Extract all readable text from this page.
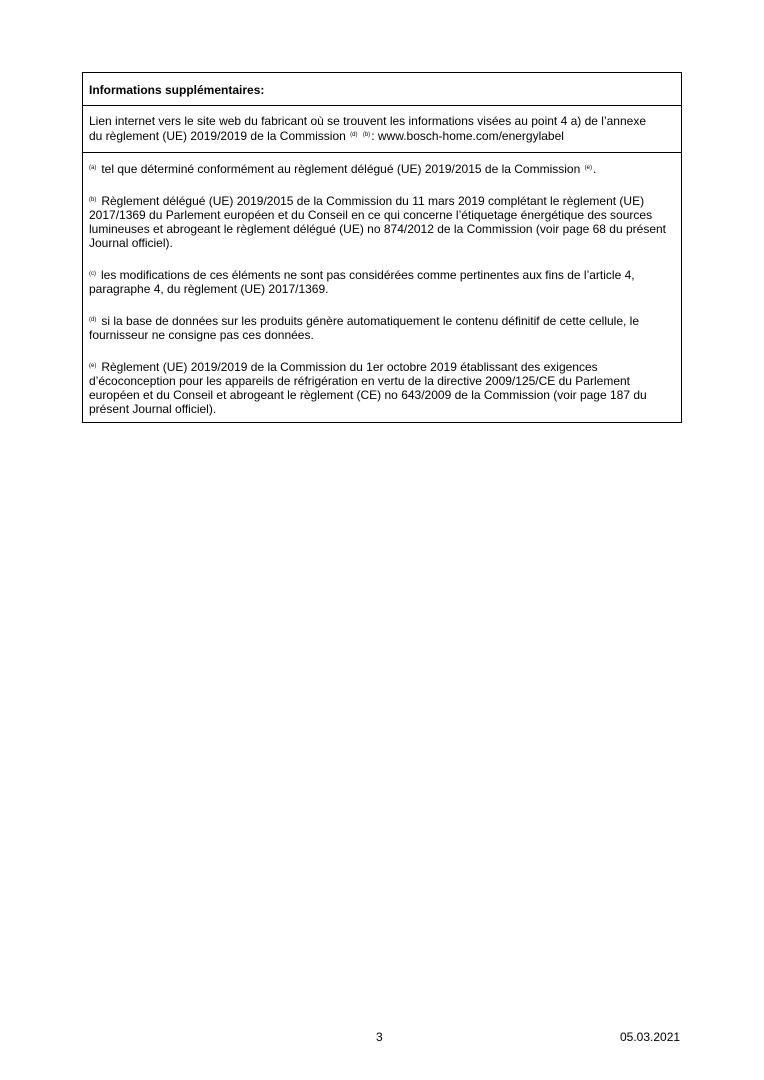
Informations supplémentaires:
Lien internet vers le site web du fabricant où se trouvent les informations visées au point 4 a) de l’annexe
du règlement (UE) 2019/2019 de la Commission $^{(d)}$ $^{(b)}$: www.bosch-home.com/energylabel
$^{(a)}$ tel que déterminé conformément au règlement délégué (UE) 2019/2015 de la Commission $^{(e)}$.
$^{(b)}$ Règlement délégué (UE) 2019/2015 de la Commission du 11 mars 2019 complétant le règlement (UE) 2017/1369 du Parlement européen et du Conseil en ce qui concerne l’étiquetage énergétique des sources lumineuses et abrogeant le règlement délégué (UE) no 874/2012 de la Commission (voir page 68 du présent Journal officiel).
$^{(c)}$ les modifications de ces éléments ne sont pas considérées comme pertinentes aux fins de l’article 4, paragraphe 4, du règlement (UE) 2017/1369.
$^{(d)}$ si la base de données sur les produits génère automatiquement le contenu définitif de cette cellule, le fournisseur ne consigne pas ces données.
$^{(e)}$ Règlement (UE) 2019/2019 de la Commission du 1er octobre 2019 établissant des exigences d’écoconception pour les appareils de réfrigération en vertu de la directive 2009/125/CE du Parlement européen et du Conseil et abrogeant le règlement (CE) no 643/2009 de la Commission (voir page 187 du présent Journal officiel).
3	05.03.2021
